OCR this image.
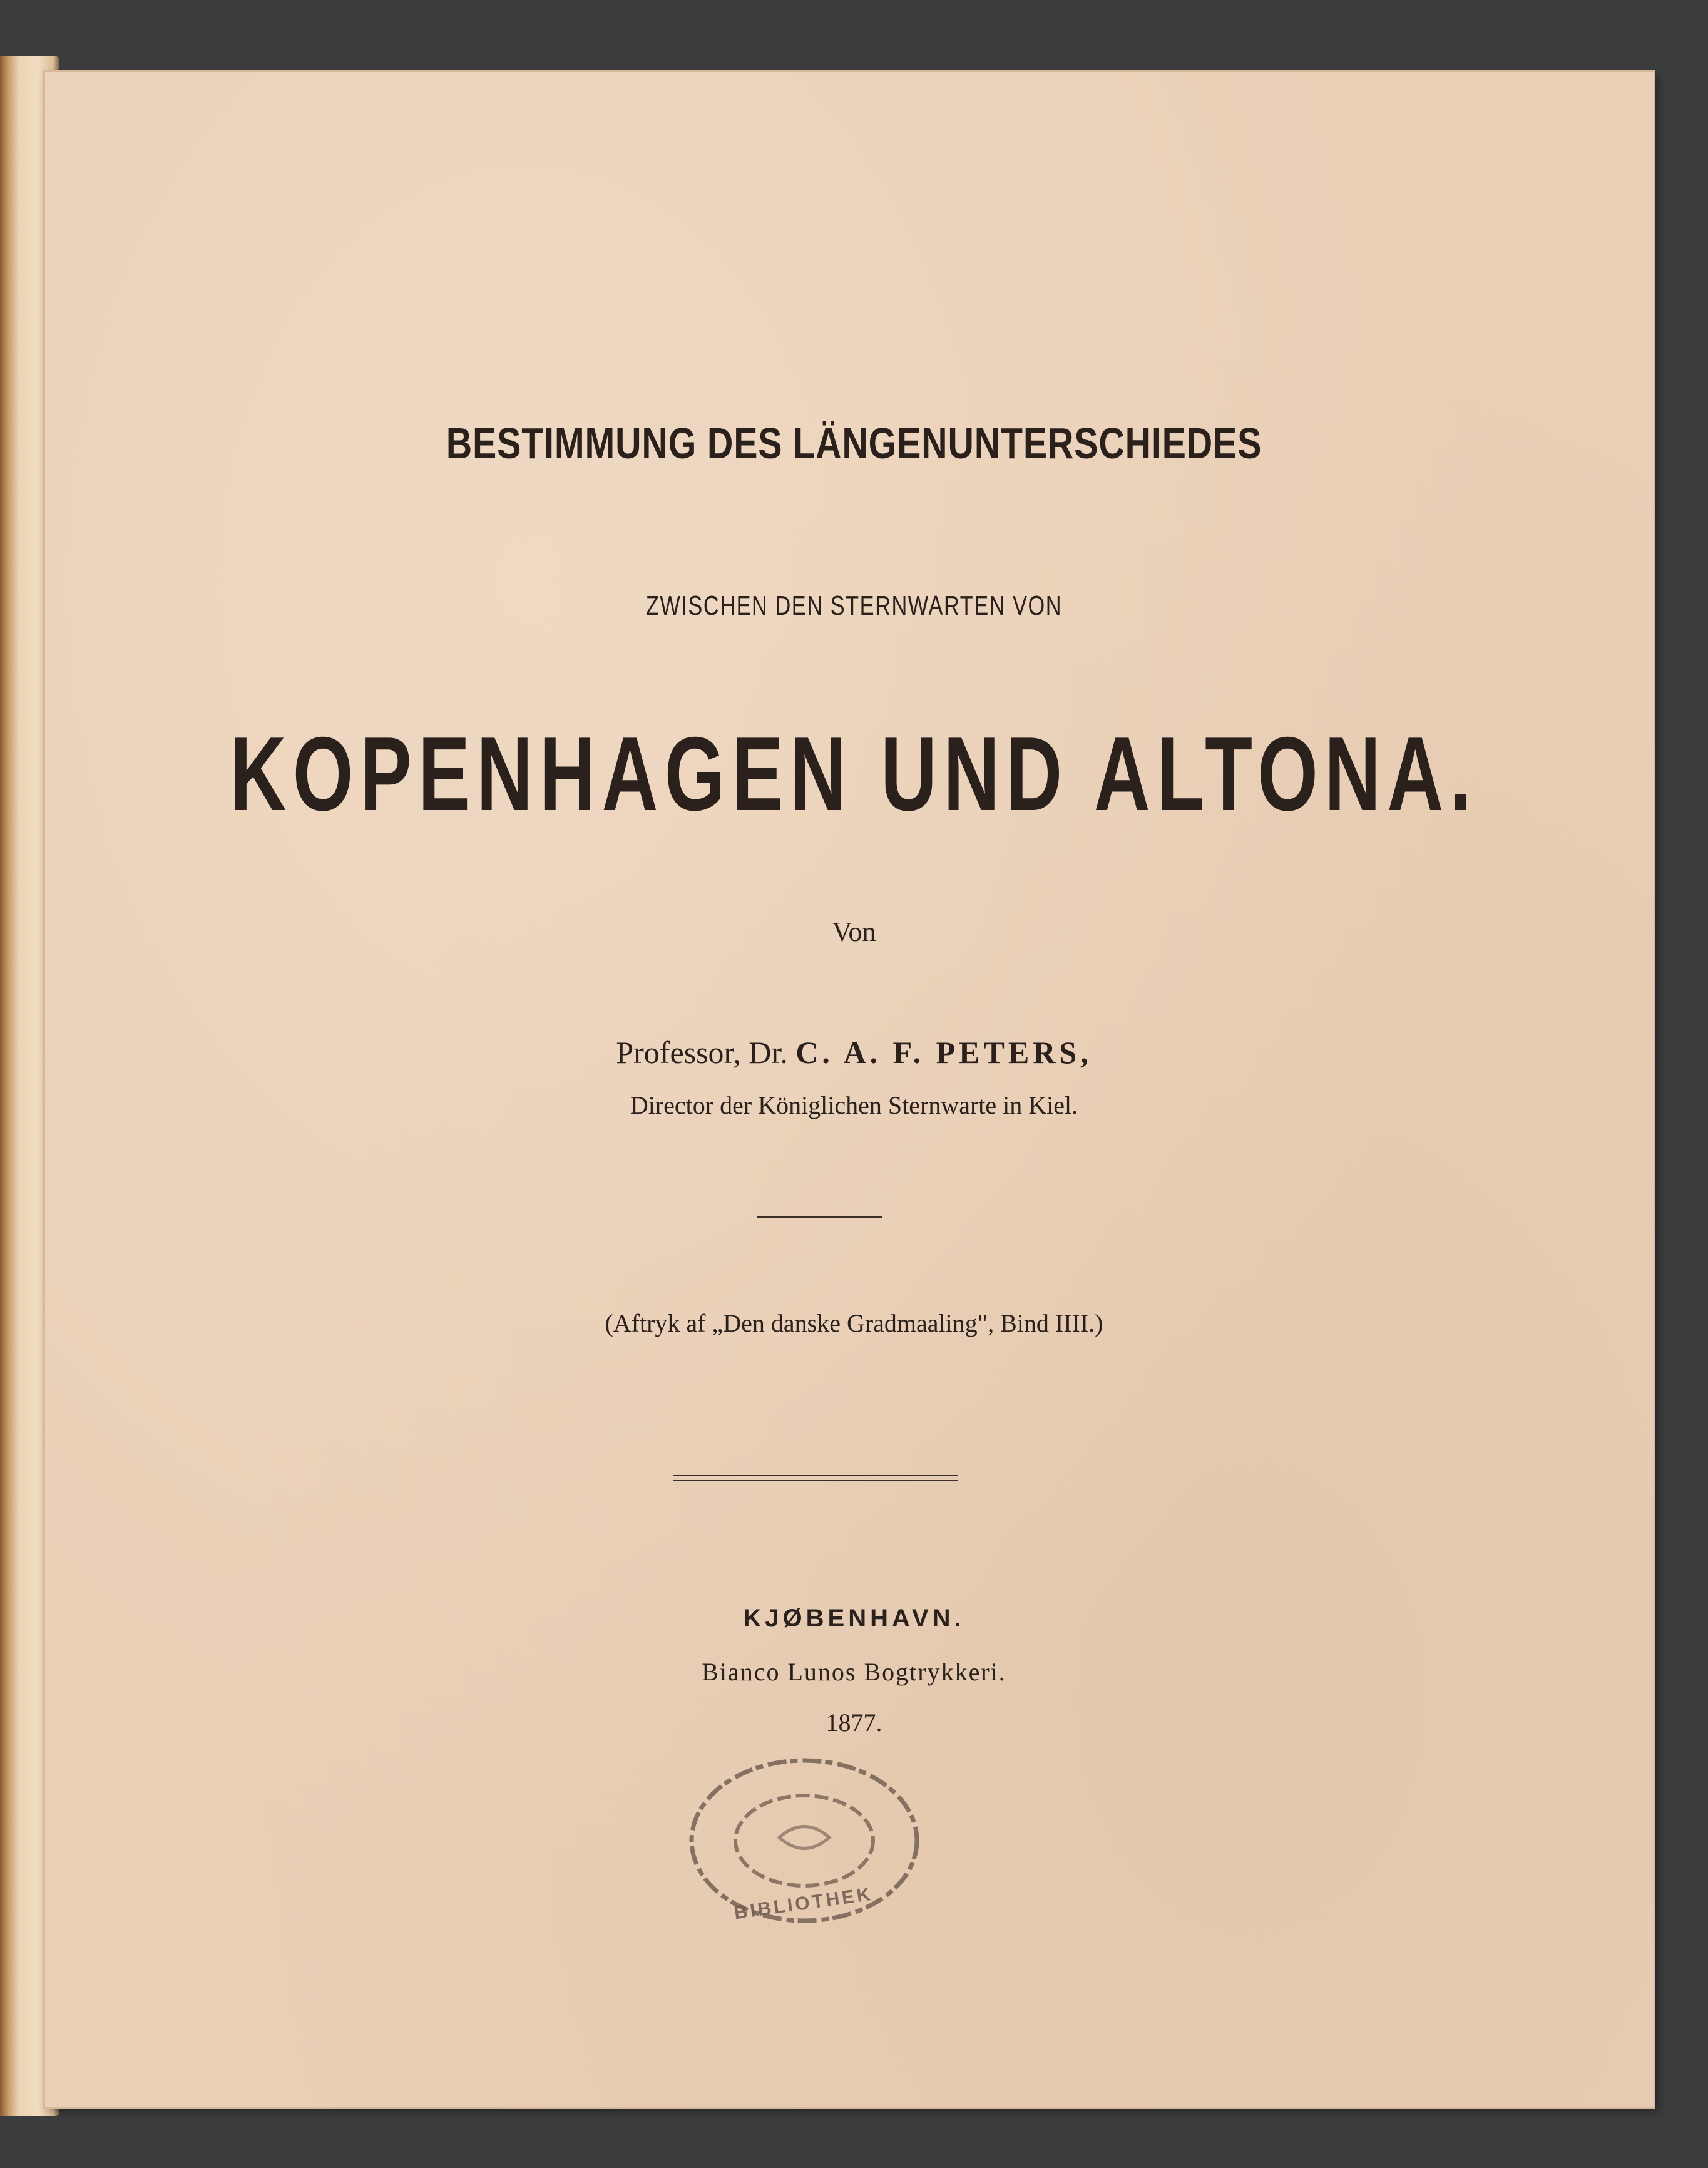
BESTIMMUNG DES LÄNGENUNTERSCHIEDES
ZWISCHEN DEN STERNWARTEN VON
KOPENHAGEN UND ALTONA.
Von
Professor, Dr. C. A. F. PETERS,
Director der Königlichen Sternwarte in Kiel.
(Aftryk af „Den danske Gradmaaling", Bind IIII.)
KJØBENHAVN.
Bianco Lunos Bogtrykkeri.
1877.
BIBLIOTHEK
